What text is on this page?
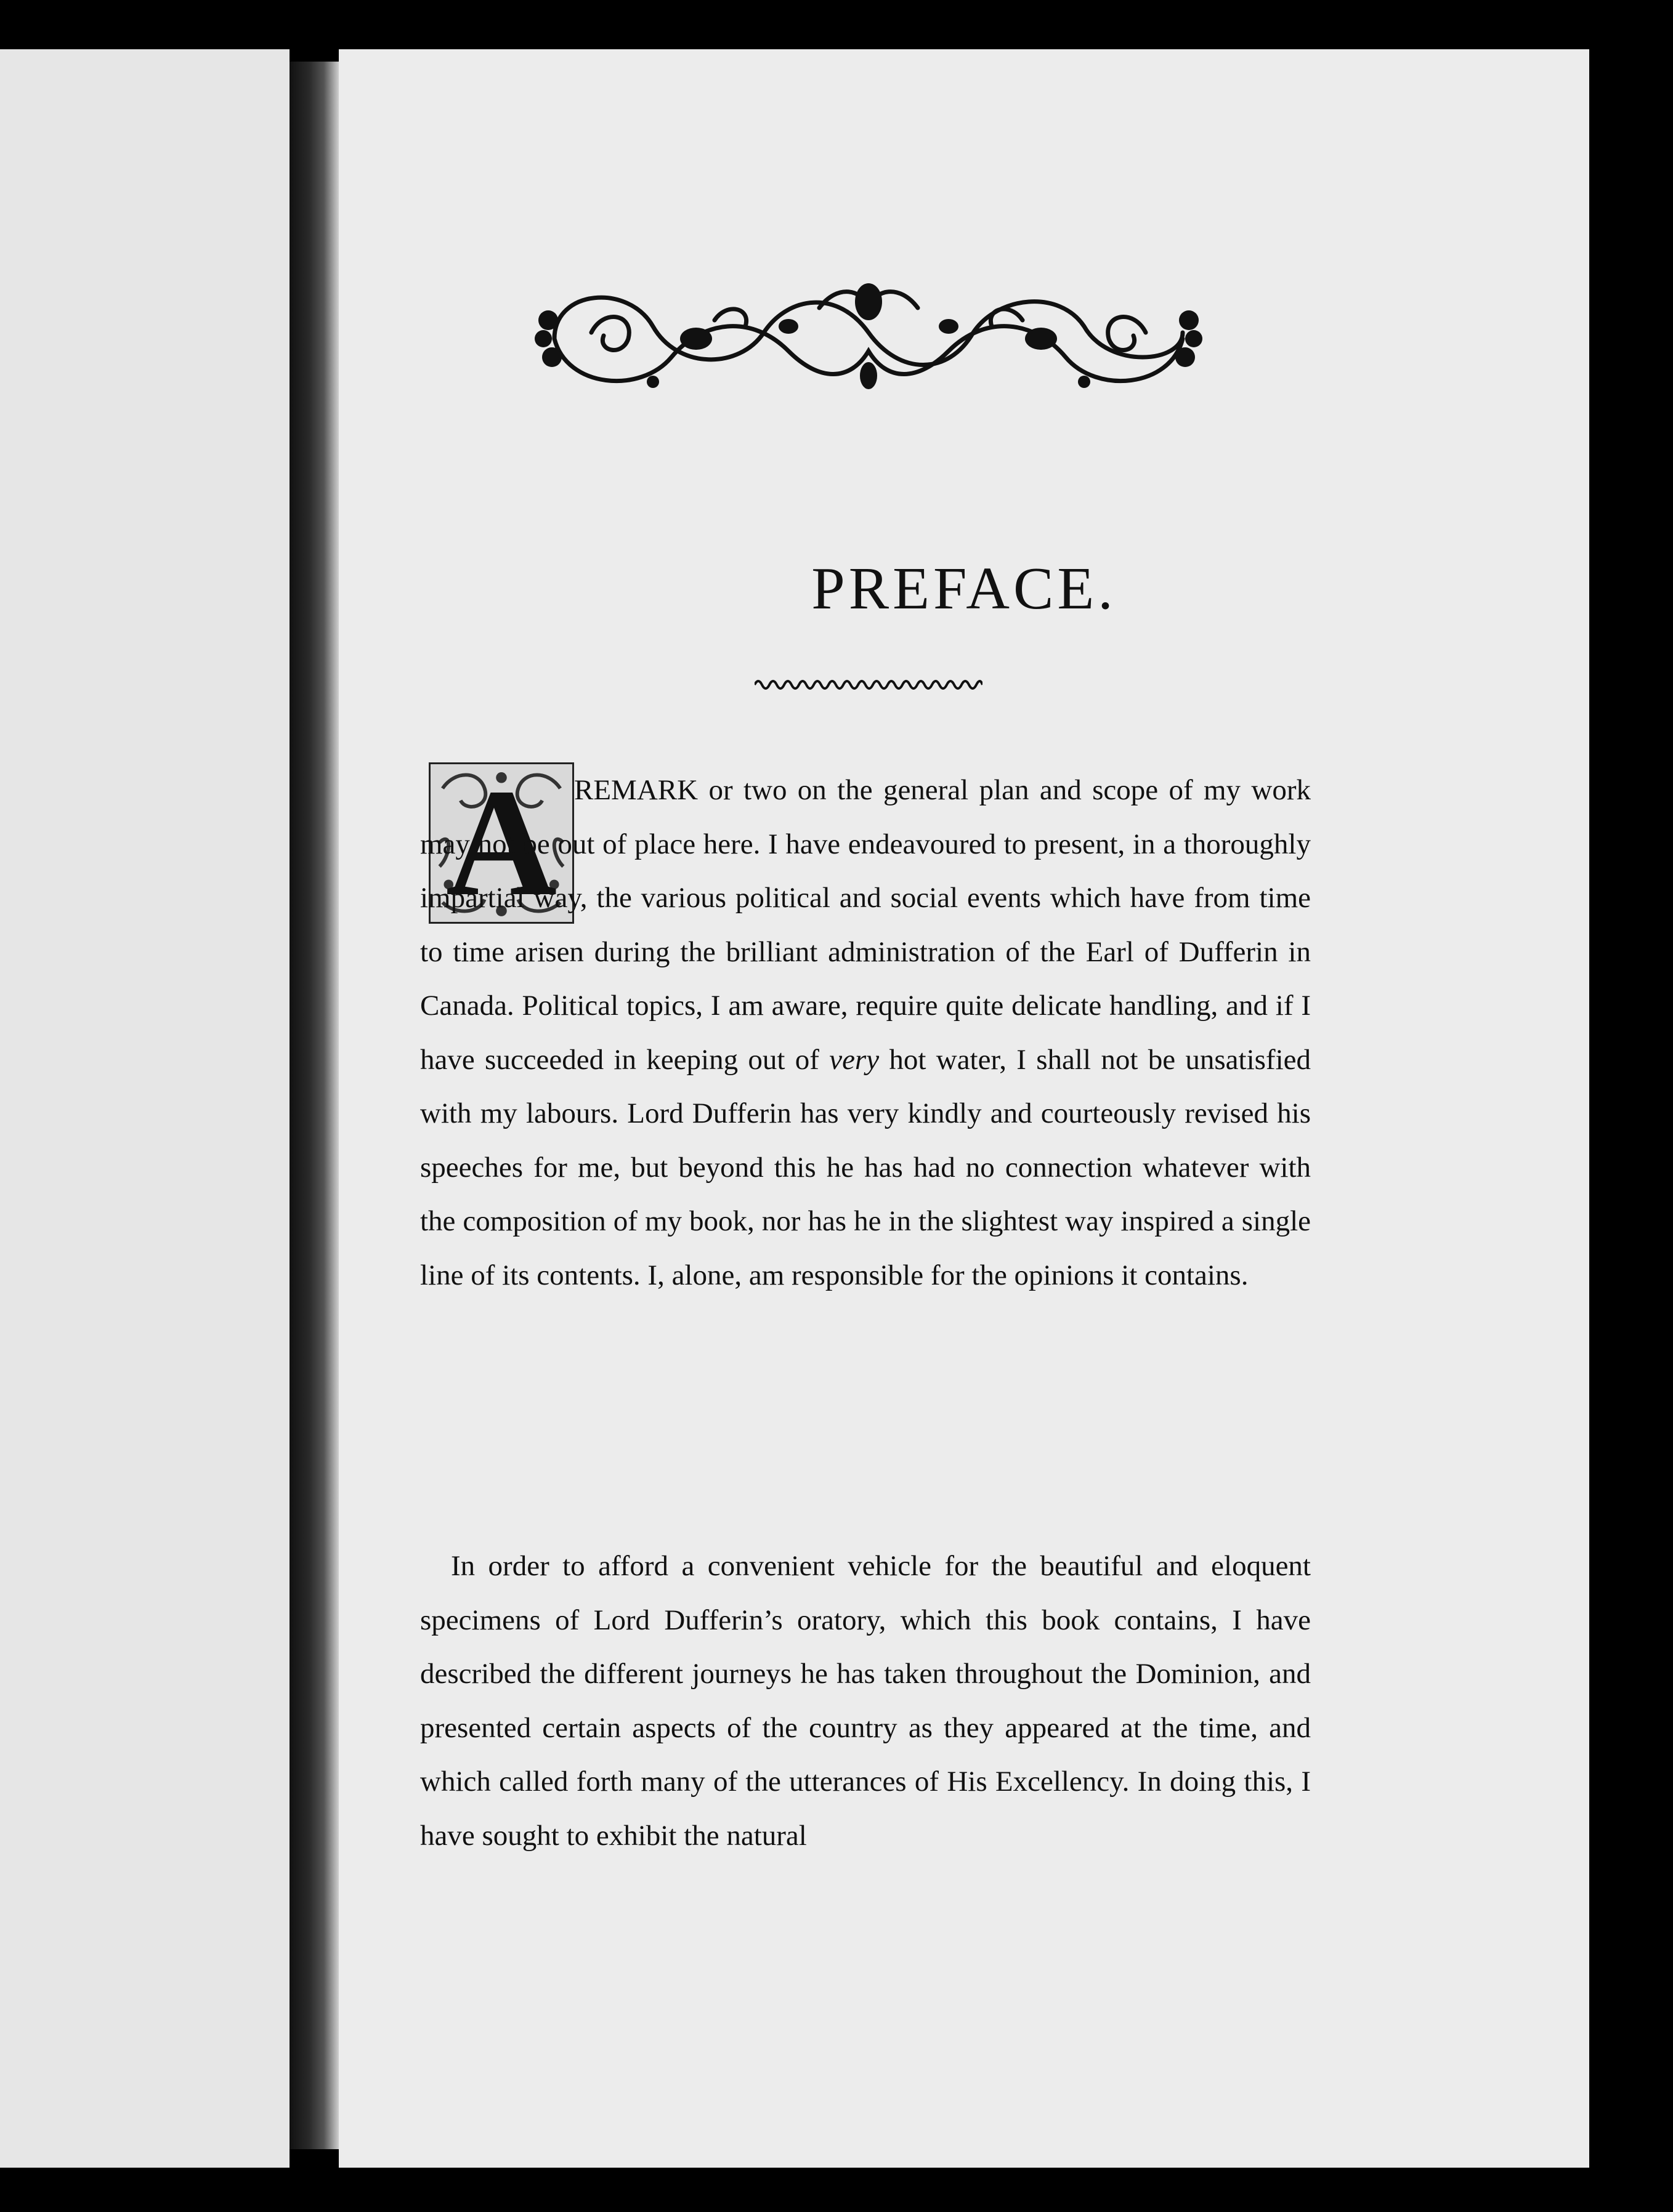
PREFACE.
A REMARK or two on the general plan and scope of my work may not be out of place here. I have endeavoured to present, in a thoroughly impartial way, the various political and social events which have from time to time arisen during the brilliant administration of the Earl of Dufferin in Canada. Political topics, I am aware, require quite delicate handling, and if I have succeeded in keeping out of very hot water, I shall not be unsatisfied with my labours. Lord Dufferin has very kindly and courteously revised his speeches for me, but beyond this he has had no connection whatever with the composition of my book, nor has he in the slightest way inspired a single line of its contents. I, alone, am responsible for the opinions it contains.

In order to afford a convenient vehicle for the beautiful and eloquent specimens of Lord Dufferin’s oratory, which this book contains, I have described the different journeys he has taken throughout the Dominion, and presented certain aspects of the country as they appeared at the time, and which called forth many of the utterances of His Excellency. In doing this, I have sought to exhibit the natural
